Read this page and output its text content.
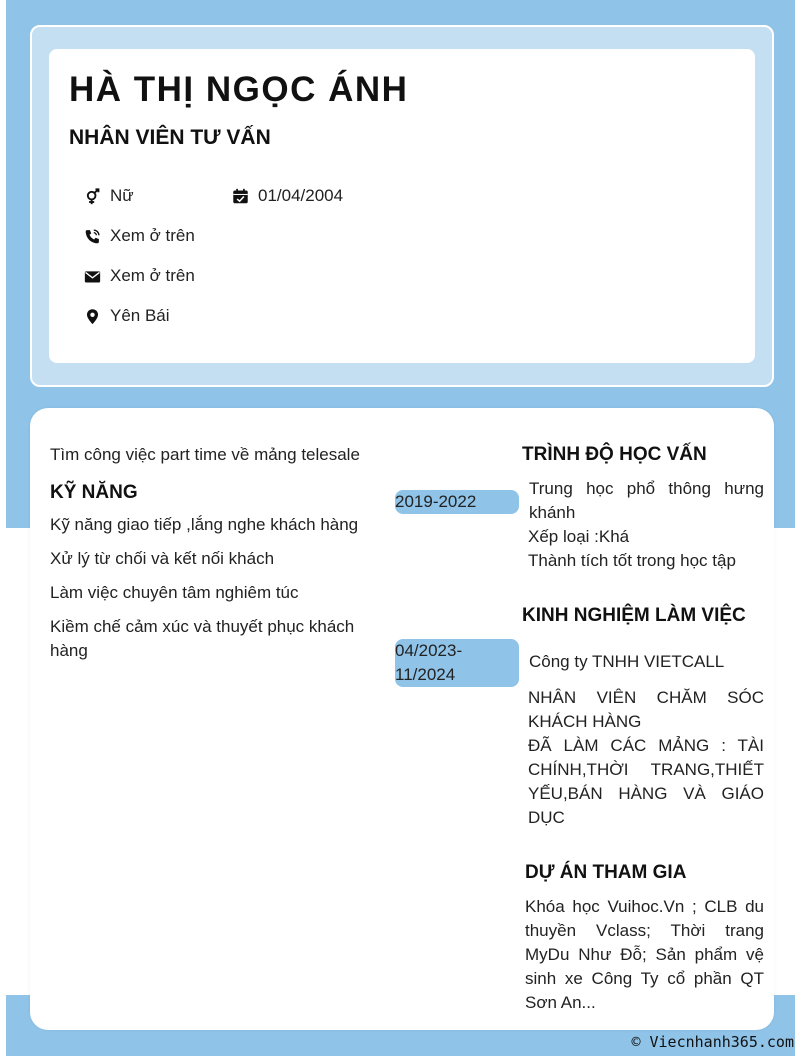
HÀ THỊ NGỌC ÁNH
NHÂN VIÊN TƯ VẤN
Nữ	01/04/2004
Xem ở trên
Xem ở trên
Yên Bái

Tìm công việc part time về mảng telesale

KỸ NĂNG

Kỹ năng giao tiếp ,lắng nghe khách hàng

Xử lý từ chối và kết nối khách

Làm việc chuyên tâm nghiêm túc

Kiềm chế cảm xúc và thuyết phục khách hàng

TRÌNH ĐỘ HỌC VẤN
2019-2022

Trung học phổ thông hưng khánh

Xếp loại :Khá

Thành tích tốt trong học tập

KINH NGHIỆM LÀM VIỆC
04/2023-11/2024

Công ty TNHH VIETCALL

NHÂN VIÊN CHĂM SÓC KHÁCH HÀNG

ĐÃ LÀM CÁC MẢNG : TÀI CHÍNH,THỜI TRANG,THIẾT YẾU,BÁN HÀNG VÀ GIÁO DỤC

DỰ ÁN THAM GIA

Khóa học Vuihoc.Vn ; CLB du thuyền Vclass; Thời trang MyDu Như Đỗ; Sản phẩm vệ sinh xe Công Ty cổ phần QT Sơn An...

© Viecnhanh365.com
